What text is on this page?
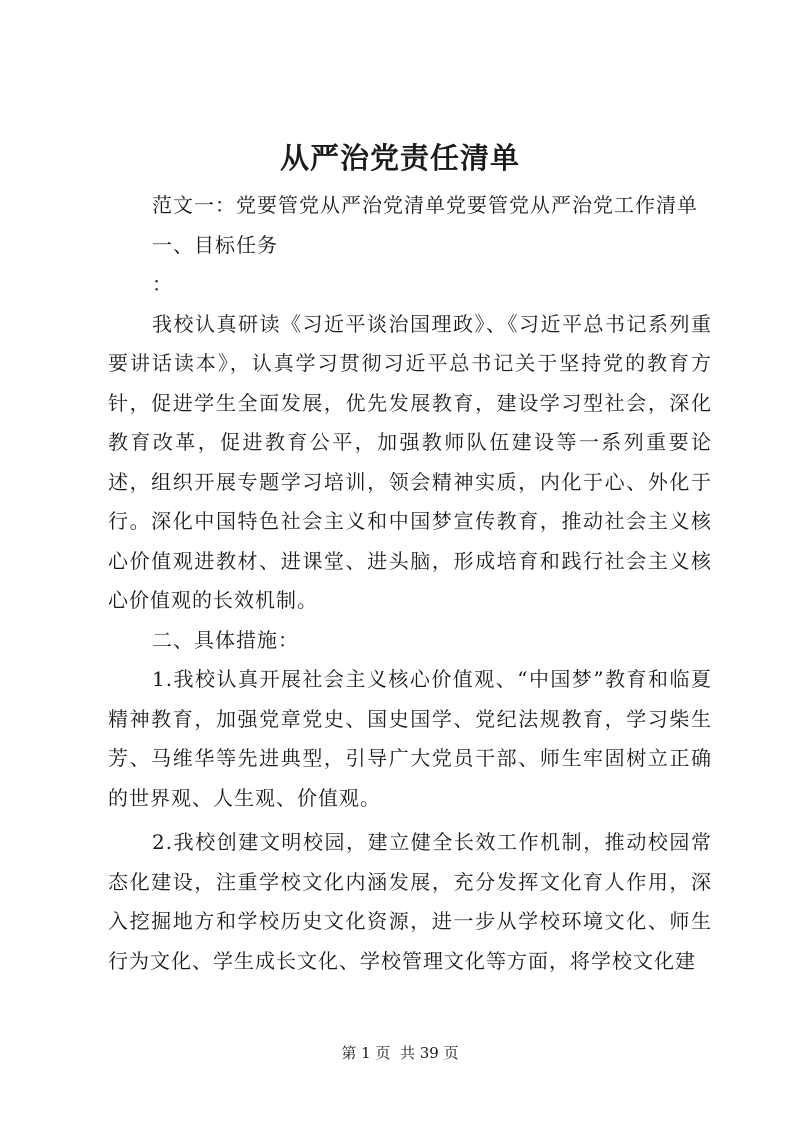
从严治党责任清单

范文一：党要管党从严治党清单党要管党从严治党工作清单

一、目标任务

：

我校认真研读《习近平谈治国理政》、《习近平总书记系列重要讲话读本》，认真学习贯彻习近平总书记关于坚持党的教育方针，促进学生全面发展，优先发展教育，建设学习型社会，深化教育改革，促进教育公平，加强教师队伍建设等一系列重要论述，组织开展专题学习培训，领会精神实质，内化于心、外化于行。深化中国特色社会主义和中国梦宣传教育，推动社会主义核心价值观进教材、进课堂、进头脑，形成培育和践行社会主义核心价值观的长效机制。

二、具体措施：

1.我校认真开展社会主义核心价值观、“中国梦”教育和临夏精神教育，加强党章党史、国史国学、党纪法规教育，学习柴生芳、马维华等先进典型，引导广大党员干部、师生牢固树立正确的世界观、人生观、价值观。

2.我校创建文明校园，建立健全长效工作机制，推动校园常态化建设，注重学校文化内涵发展，充分发挥文化育人作用，深入挖掘地方和学校历史文化资源，进一步从学校环境文化、师生行为文化、学生成长文化、学校管理文化等方面，将学校文化建

第 1 页  共 39 页
